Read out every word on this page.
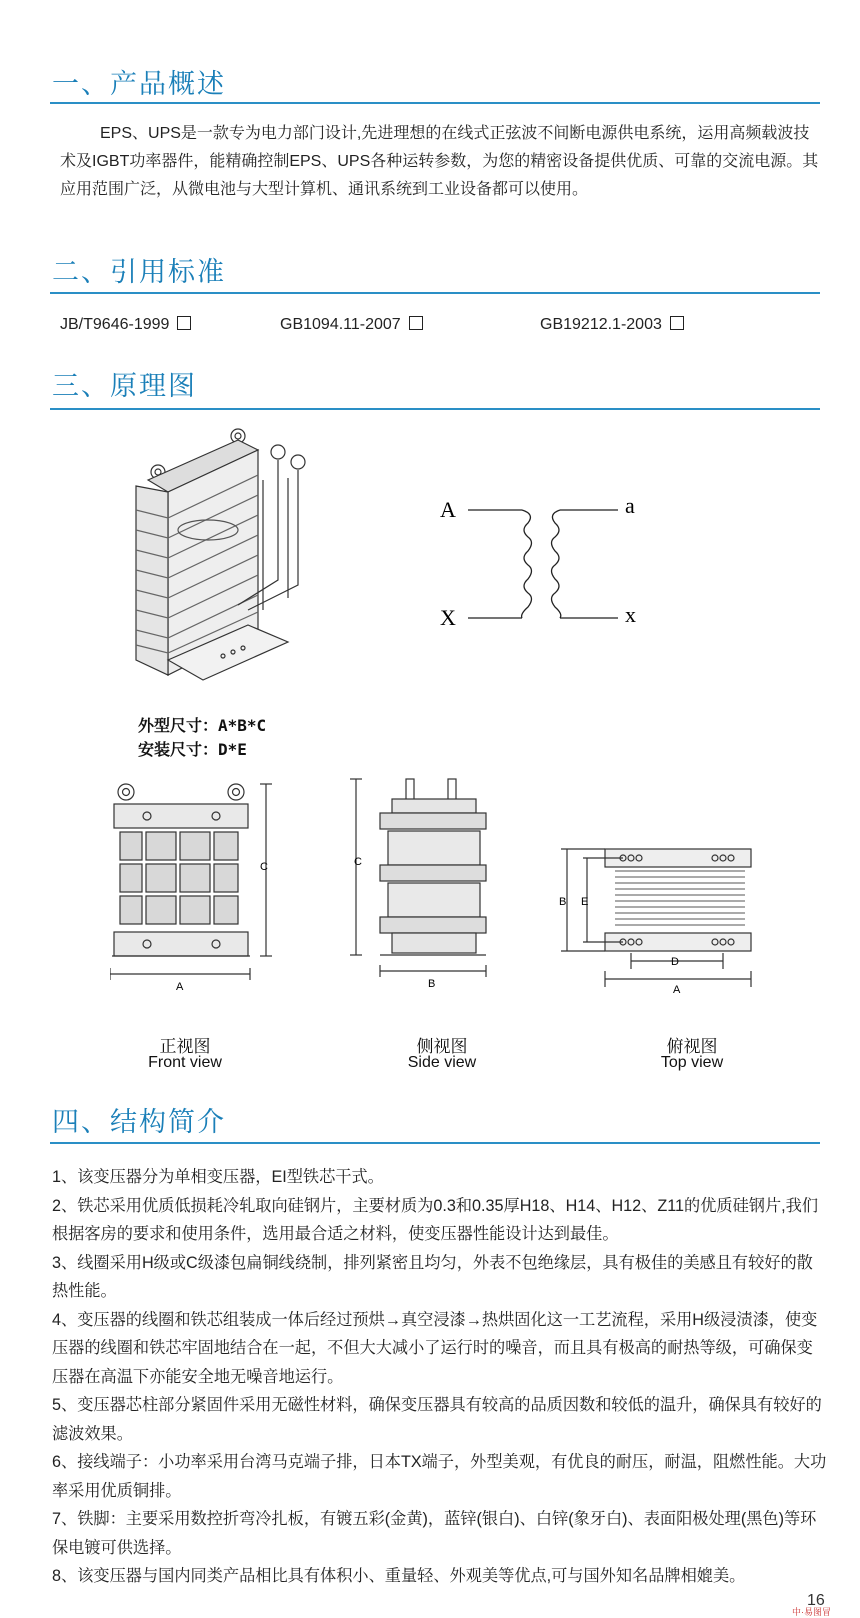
一、产品概述
EPS、UPS是一款专为电力部门设计,先进理想的在线式正弦波不间断电源供电系统，运用高频载波技术及IGBT功率器件，能精确控制EPS、UPS各种运转参数，为您的精密设备提供优质、可靠的交流电源。其应用范围广泛，从微电池与大型计算机、通讯系统到工业设备都可以使用。
二、引用标准
JB/T9646-1999	GB1094.11-2007	GB19212.1-2003
三、原理图
A
X
a
x
外型尺寸：A*B*C
安装尺寸：D*E
A
C
B
C
B E
D
A
正视图
Front view
侧视图
Side view
俯视图
Top view
四、结构简介
1、该变压器分为单相变压器，EI型铁芯干式。
2、铁芯采用优质低损耗冷轧取向硅钢片，主要材质为0.3和0.35厚H18、H14、H12、Z11的优质硅钢片,我们根据客房的要求和使用条件，选用最合适之材料，使变压器性能设计达到最佳。
3、线圈采用H级或C级漆包扁铜线绕制，排列紧密且均匀，外表不包绝缘层，具有极佳的美感且有较好的散热性能。
4、变压器的线圈和铁芯组装成一体后经过预烘→真空浸漆→热烘固化这一工艺流程，采用H级浸渍漆，使变压器的线圈和铁芯牢固地结合在一起，不但大大减小了运行时的噪音，而且具有极高的耐热等级，可确保变压器在高温下亦能安全地无噪音地运行。
5、变压器芯柱部分紧固件采用无磁性材料，确保变压器具有较高的品质因数和较低的温升，确保具有较好的滤波效果。
6、接线端子：小功率采用台湾马克端子排，日本TX端子，外型美观，有优良的耐压，耐温，阻燃性能。大功率采用优质铜排。
7、铁脚：主要采用数控折弯冷扎板，有镀五彩(金黄)，蓝锌(银白)、白锌(象牙白)、表面阳极处理(黑色)等环保电镀可供选择。
8、该变压器与国内同类产品相比具有体积小、重量轻、外观美等优点,可与国外知名品牌相媲美。
16
中·易图冒
